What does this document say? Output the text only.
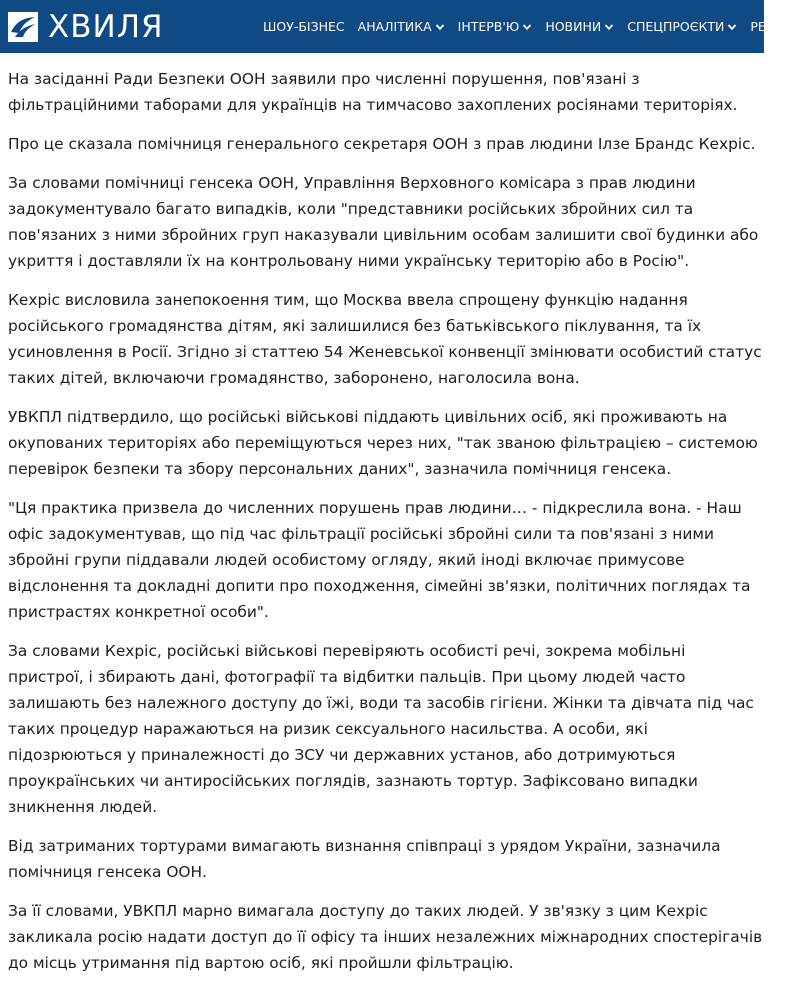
ХВИЛЯ	ШОУ-БІЗНЕС АНАЛІТИКА ІНТЕРВ'Ю НОВИНИ СПЕЦПРОЄКТИ РЕПО

На засіданні Ради Безпеки ООН заявили про численні порушення, пов'язані з фільтраційними таборами для українців на тимчасово захоплених росіянами територіях.

Про це сказала помічниця генерального секретаря ООН з прав людини Ілзе Брандс Кехріс.

За словами помічниці генсека ООН, Управління Верховного комісара з прав людини задокументувало багато випадків, коли "представники російських збройних сил та пов'язаних з ними збройних груп наказували цивільним особам залишити свої будинки або укриття і доставляли їх на контрольовану ними українську територію або в Росію".

Кехріс висловила занепокоення тим, що Москва ввела спрощену функцію надання російського громадянства дітям, які залишилися без батьківського піклування, та їх усиновлення в Росії. Згідно зі статтею 54 Женевської конвенції змінювати особистий статус таких дітей, включаючи громадянство, заборонено, наголосила вона.

УВКПЛ підтвердило, що російські військові піддають цивільних осіб, які проживають на окупованих територіях або переміщуються через них, "так званою фільтрацією – системою перевірок безпеки та збору персональних даних", зазначила помічниця генсека.

"Ця практика призвела до численних порушень прав людини… - підкреслила вона. - Наш офіс задокументував, що під час фільтрації російські збройні сили та пов'язані з ними збройні групи піддавали людей особистому огляду, який іноді включає примусове відслонення та докладні допити про походження, сімейні зв'язки, політичних поглядах та пристрастях конкретної особи".

За словами Кехріс, російські військові перевіряють особисті речі, зокрема мобільні пристрої, і збирають дані, фотографії та відбитки пальців. При цьому людей часто залишають без належного доступу до їжі, води та засобів гігієни. Жінки та дівчата під час таких процедур наражаються на ризик сексуального насильства. А особи, які підозрюються у приналежності до ЗСУ чи державних установ, або дотримуються проукраїнських чи антиросійських поглядів, зазнають тортур. Зафіксовано випадки зникнення людей.

Від затриманих тортурами вимагають визнання співпраці з урядом України, зазначила помічниця генсека ООН.

За її словами, УВКПЛ марно вимагала доступу до таких людей. У зв'язку з цим Кехріс закликала росію надати доступ до її офісу та інших незалежних міжнародних спостерігачів до місць утримання під вартою осіб, які пройшли фільтрацію.
